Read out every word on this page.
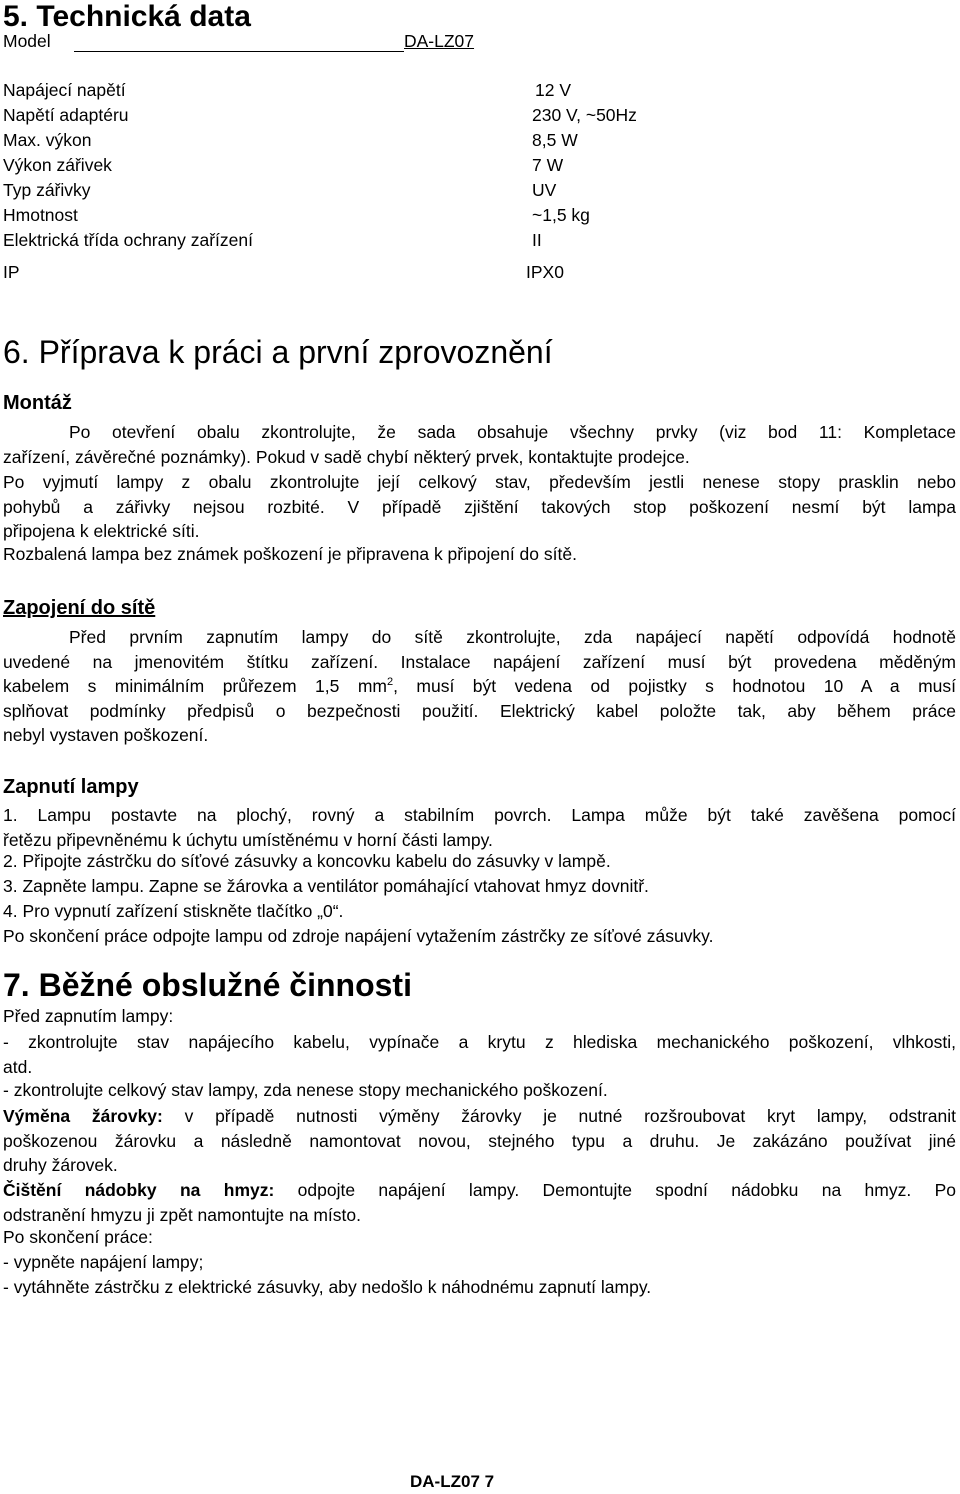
5. Technická data
Model	DA-LZ07
Napájecí napětí	12 V
Napětí adaptéru	230 V, ~50Hz
Max. výkon	8,5 W
Výkon zářivek	7 W
Typ zářivky	UV
Hmotnost	~1,5 kg
Elektrická třída ochrany zařízení	II
IP	IPX0
6. Příprava k práci a první zprovoznění
Montáž
Po otevření obalu zkontrolujte, že sada obsahuje všechny prvky (viz bod 11: Kompletace
zařízení, závěrečné poznámky). Pokud v sadě chybí některý prvek, kontaktujte prodejce.
Po vyjmutí lampy z obalu zkontrolujte její celkový stav, především jestli nenese stopy prasklin nebo
pohybů a zářivky nejsou rozbité. V případě zjištění takových stop poškození nesmí být lampa
připojena k elektrické síti.
Rozbalená lampa bez známek poškození je připravena k připojení do sítě.
Zapojení do sítě
Před prvním zapnutím lampy do sítě zkontrolujte, zda napájecí napětí odpovídá hodnotě
uvedené na jmenovitém štítku zařízení. Instalace napájení zařízení musí být provedena měděným
kabelem s minimálním průřezem 1,5 $mm^2$, musí být vedena od pojistky s hodnotou 10 A a musí
splňovat podmínky předpisů o bezpečnosti použití. Elektrický kabel položte tak, aby během práce
nebyl vystaven poškození.
Zapnutí lampy
1. Lampu postavte na plochý, rovný a stabilním povrch. Lampa může být také zavěšena pomocí
řetězu připevněnému k úchytu umístěnému v horní části lampy.
2. Připojte zástrčku do síťové zásuvky a koncovku kabelu do zásuvky v lampě.
3. Zapněte lampu. Zapne se žárovka a ventilátor pomáhající vtahovat hmyz dovnitř.
4. Pro vypnutí zařízení stiskněte tlačítko „0“.
Po skončení práce odpojte lampu od zdroje napájení vytažením zástrčky ze síťové zásuvky.
7. Běžné obslužné činnosti
Před zapnutím lampy:
- zkontrolujte stav napájecího kabelu, vypínače a krytu z hlediska mechanického poškození, vlhkosti,
atd.
- zkontrolujte celkový stav lampy, zda nenese stopy mechanického poškození.
Výměna žárovky: v případě nutnosti výměny žárovky je nutné rozšroubovat kryt lampy, odstranit
poškozenou žárovku a následně namontovat novou, stejného typu a druhu. Je zakázáno používat jiné
druhy žárovek.
Čištění nádobky na hmyz: odpojte napájení lampy. Demontujte spodní nádobku na hmyz. Po
odstranění hmyzu ji zpět namontujte na místo.
Po skončení práce:
- vypněte napájení lampy;
- vytáhněte zástrčku z elektrické zásuvky, aby nedošlo k náhodnému zapnutí lampy.
DA-LZ07 7
